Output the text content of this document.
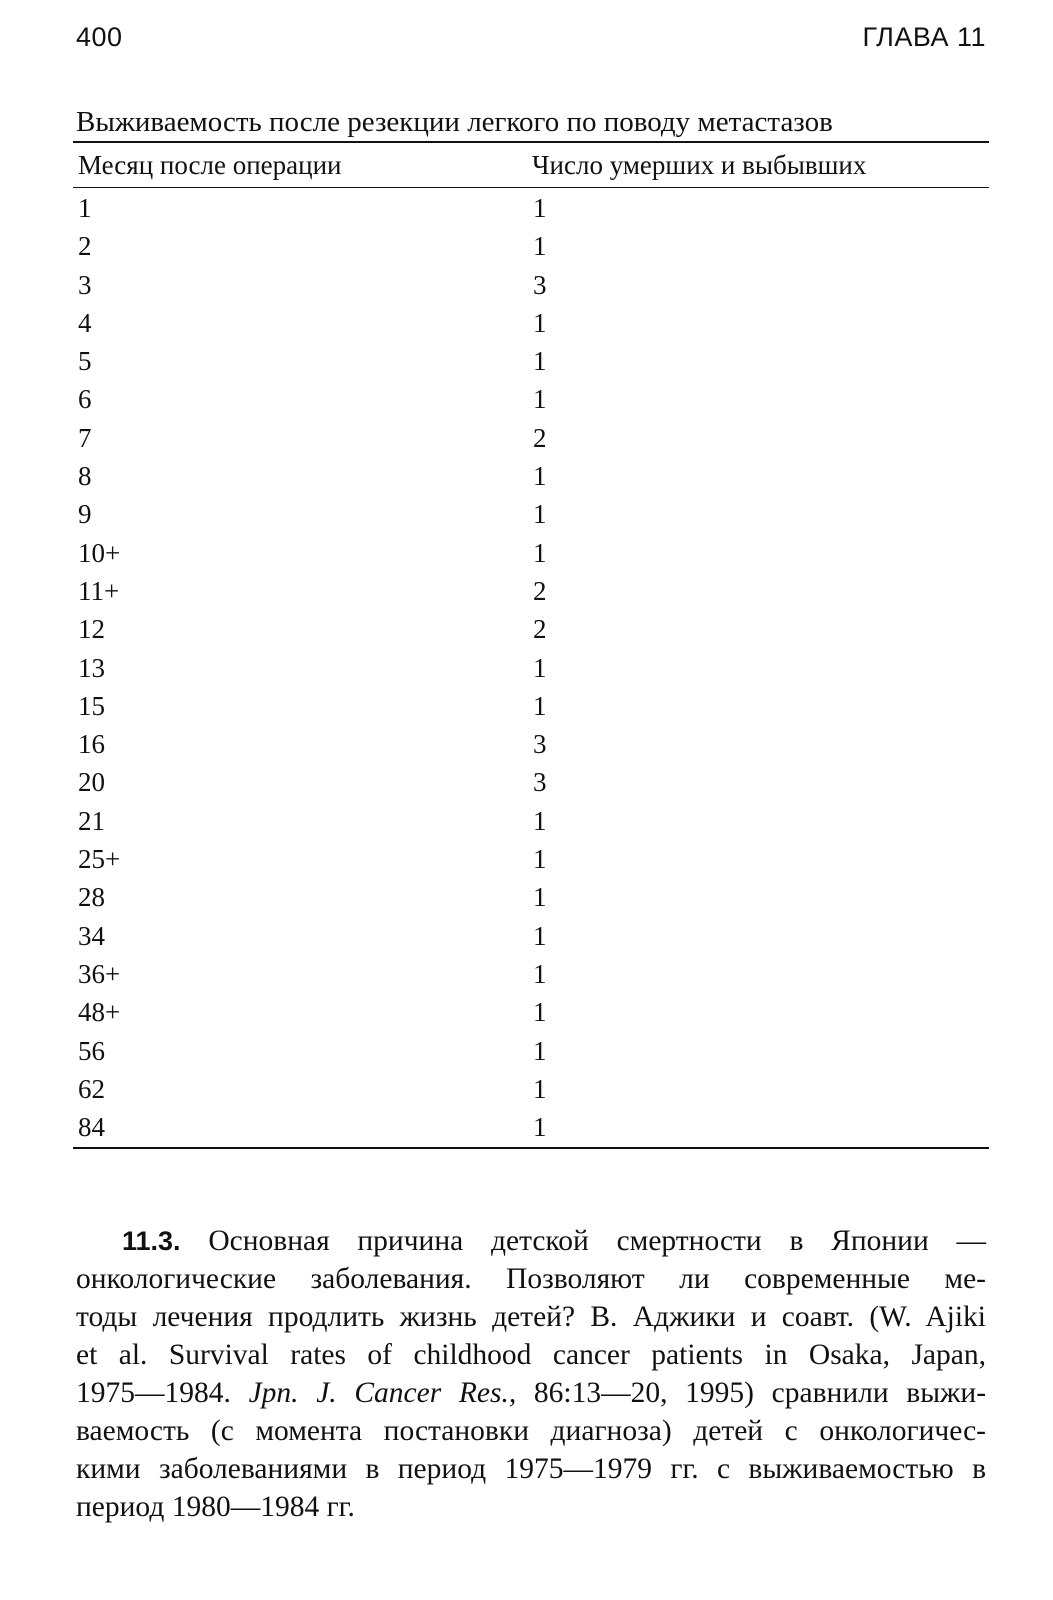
400	ГЛАВА 11
Выживаемость после резекции легкого по поводу метастазов
Месяц после операции	Число умерших и выбывших
1	1
2	1
3	3
4	1
5	1
6	1
7	2
8	1
9	1
10+	1
11+	2
12	2
13	1
15	1
16	3
20	3
21	1
25+	1
28	1
34	1
36+	1
48+	1
56	1
62	1
84	1
11.3. Основная причина детской смертности в Японии —
онкологические заболевания. Позволяют ли современные ме-
тоды лечения продлить жизнь детей? В. Аджики и соавт. (W. Ajiki
et al. Survival rates of childhood cancer patients in Osaka, Japan,
1975—1984. Jpn. J. Cancer Res., 86:13—20, 1995) сравнили выжи-
ваемость (с момента постановки диагноза) детей с онкологичес-
кими заболеваниями в период 1975—1979 гг. с выживаемостью в
период 1980—1984 гг.
